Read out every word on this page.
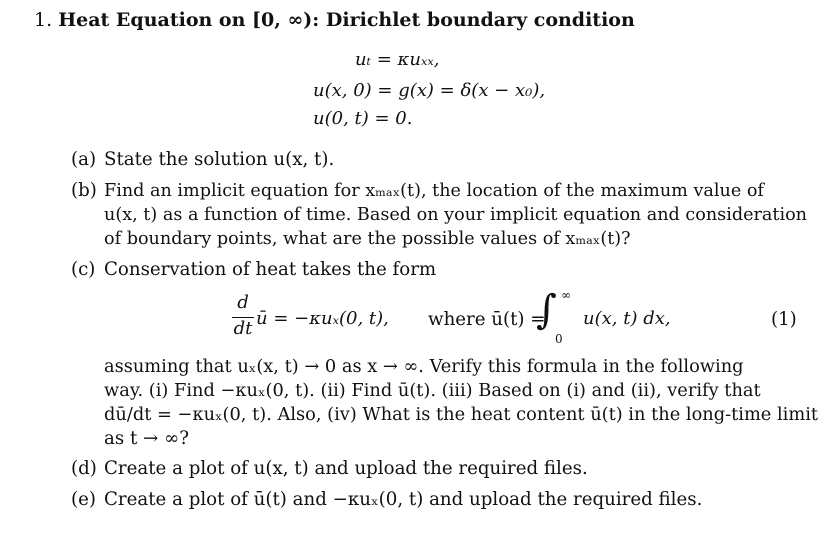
1. Heat Equation on [0, ∞): Dirichlet boundary condition
uₜ = κuₓₓ,
u(x, 0) = g(x) = δ(x − x₀),
u(0, t) = 0.
(a) State the solution u(x, t).
(b) Find an implicit equation for xₘₐₓ(t), the location of the maximum value of
u(x, t) as a function of time. Based on your implicit equation and consideration
of boundary points, what are the possible values of xₘₐₓ(t)?
(c) Conservation of heat takes the form
d
dt ū = −κuₓ(0, t), where ū(t) =
∫ ∞
0
u(x, t) dx,	(1)
assuming that uₓ(x, t) → 0 as x → ∞. Verify this formula in the following
way. (i) Find −κuₓ(0, t). (ii) Find ū(t). (iii) Based on (i) and (ii), verify that
dū/dt = −κuₓ(0, t). Also, (iv) What is the heat content ū(t) in the long-time limit
as t → ∞?
(d) Create a plot of u(x, t) and upload the required files.
(e) Create a plot of ū(t) and −κuₓ(0, t) and upload the required files.
